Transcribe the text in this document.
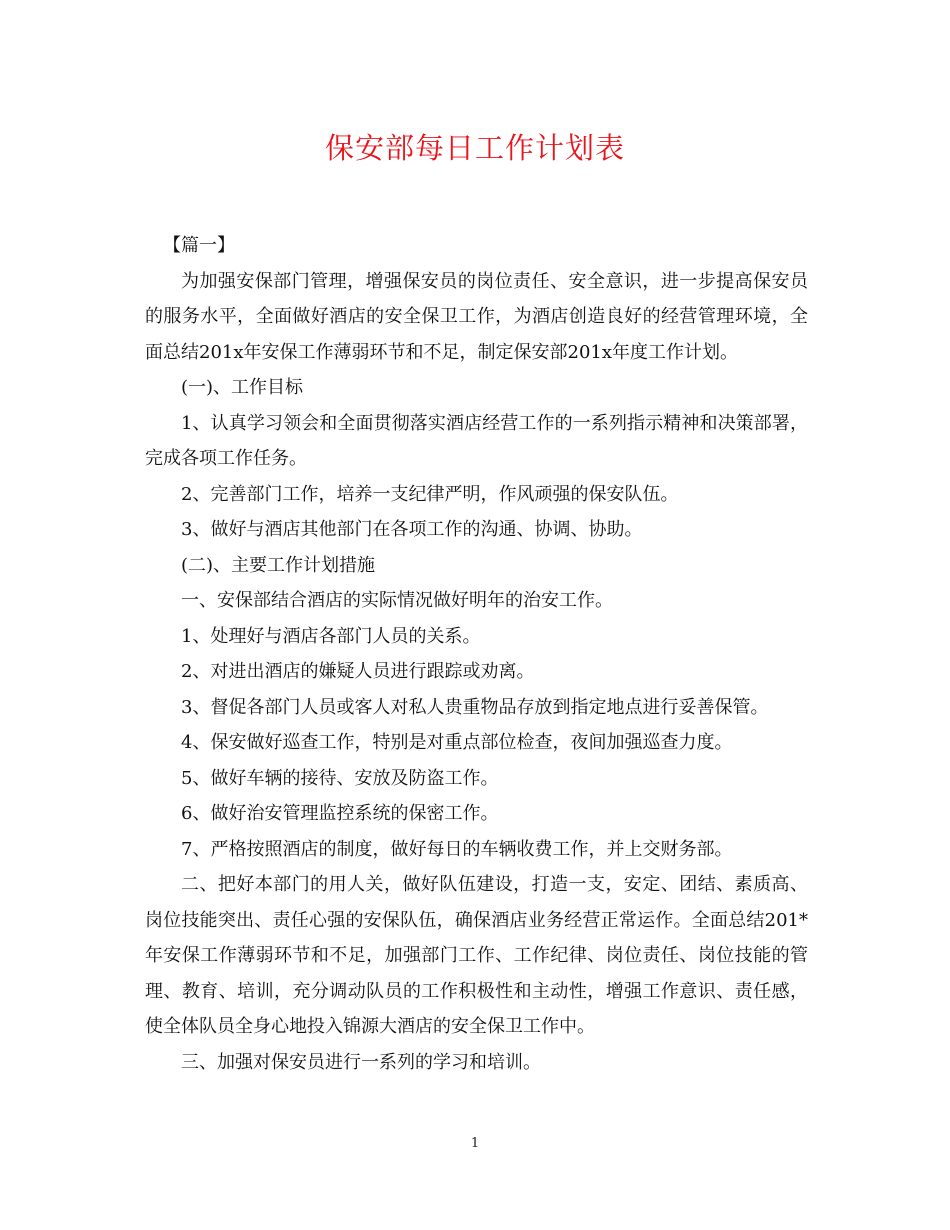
保安部每日工作计划表

【篇一】

为加强安保部门管理，增强保安员的岗位责任、安全意识，进一步提高保安员的服务水平，全面做好酒店的安全保卫工作，为酒店创造良好的经营管理环境，全面总结201x年安保工作薄弱环节和不足，制定保安部201x年度工作计划。

(一)、工作目标

1、认真学习领会和全面贯彻落实酒店经营工作的一系列指示精神和决策部署，完成各项工作任务。

2、完善部门工作，培养一支纪律严明，作风顽强的保安队伍。

3、做好与酒店其他部门在各项工作的沟通、协调、协助。

(二)、主要工作计划措施

一、安保部结合酒店的实际情况做好明年的治安工作。

1、处理好与酒店各部门人员的关系。

2、对进出酒店的嫌疑人员进行跟踪或劝离。

3、督促各部门人员或客人对私人贵重物品存放到指定地点进行妥善保管。

4、保安做好巡查工作，特别是对重点部位检查，夜间加强巡查力度。

5、做好车辆的接待、安放及防盗工作。

6、做好治安管理监控系统的保密工作。

7、严格按照酒店的制度，做好每日的车辆收费工作，并上交财务部。

二、把好本部门的用人关，做好队伍建设，打造一支，安定、团结、素质高、岗位技能突出、责任心强的安保队伍，确保酒店业务经营正常运作。全面总结201*年安保工作薄弱环节和不足，加强部门工作、工作纪律、岗位责任、岗位技能的管理、教育、培训，充分调动队员的工作积极性和主动性，增强工作意识、责任感，使全体队员全身心地投入锦源大酒店的安全保卫工作中。

三、加强对保安员进行一系列的学习和培训。

1
